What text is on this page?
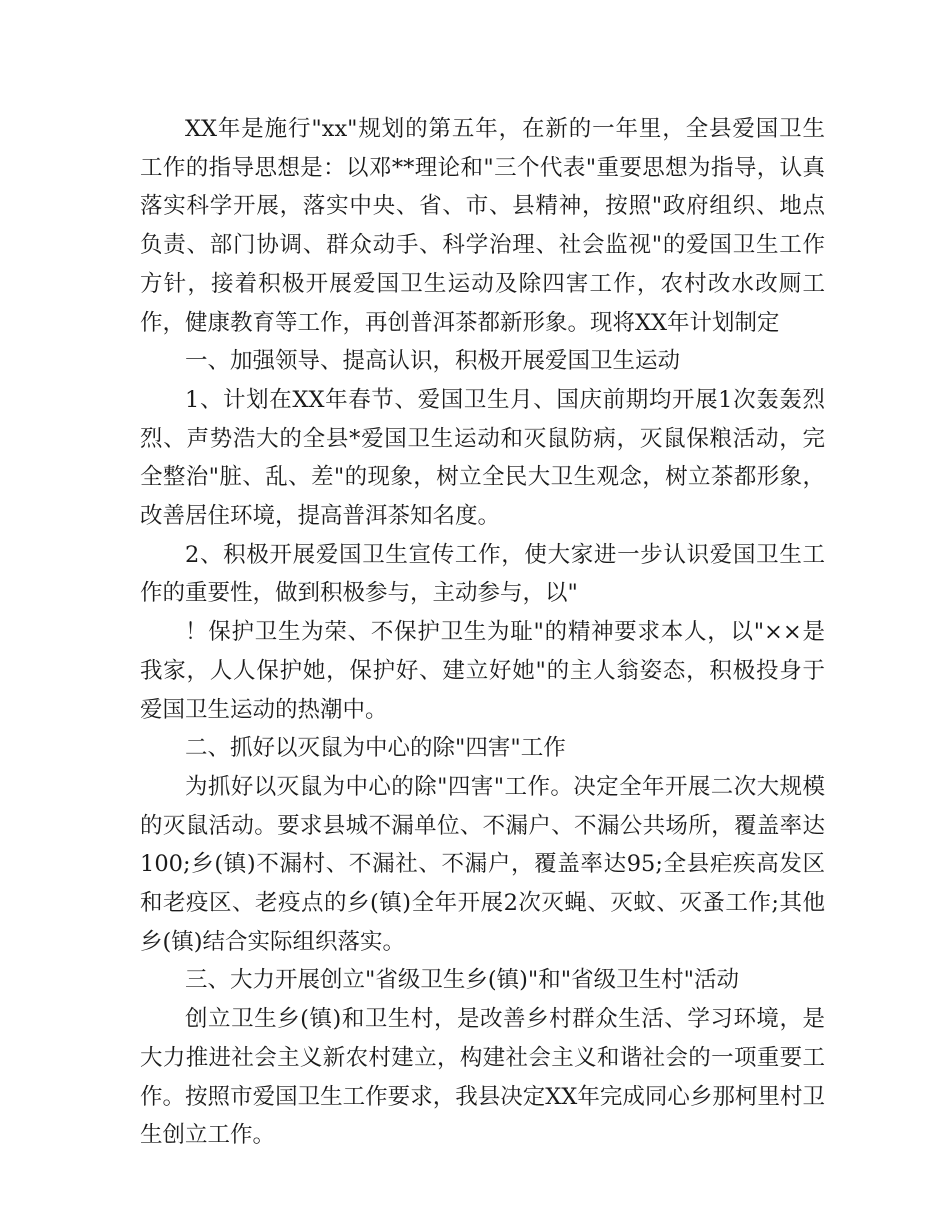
XX年是施行"xx"规划的第五年，在新的一年里，全县爱国卫生工作的指导思想是：以邓**理论和"三个代表"重要思想为指导，认真落实科学开展，落实中央、省、市、县精神，按照"政府组织、地点负责、部门协调、群众动手、科学治理、社会监视"的爱国卫生工作方针，接着积极开展爱国卫生运动及除四害工作，农村改水改厕工作，健康教育等工作，再创普洱茶都新形象。现将XX年计划制定

一、加强领导、提高认识，积极开展爱国卫生运动

1、计划在XX年春节、爱国卫生月、国庆前期均开展1次轰轰烈烈、声势浩大的全县*爱国卫生运动和灭鼠防病，灭鼠保粮活动，完全整治"脏、乱、差"的现象，树立全民大卫生观念，树立茶都形象，改善居住环境，提高普洱茶知名度。

2、积极开展爱国卫生宣传工作，使大家进一步认识爱国卫生工作的重要性，做到积极参与，主动参与，以"

！保护卫生为荣、不保护卫生为耻"的精神要求本人，以"××是我家，人人保护她，保护好、建立好她"的主人翁姿态，积极投身于爱国卫生运动的热潮中。

二、抓好以灭鼠为中心的除"四害"工作

为抓好以灭鼠为中心的除"四害"工作。决定全年开展二次大规模的灭鼠活动。要求县城不漏单位、不漏户、不漏公共场所，覆盖率达100;乡(镇)不漏村、不漏社、不漏户，覆盖率达95;全县疟疾高发区和老疫区、老疫点的乡(镇)全年开展2次灭蝇、灭蚊、灭蚤工作;其他乡(镇)结合实际组织落实。

三、大力开展创立"省级卫生乡(镇)"和"省级卫生村"活动

创立卫生乡(镇)和卫生村，是改善乡村群众生活、学习环境，是大力推进社会主义新农村建立，构建社会主义和谐社会的一项重要工作。按照市爱国卫生工作要求，我县决定XX年完成同心乡那柯里村卫生创立工作。
